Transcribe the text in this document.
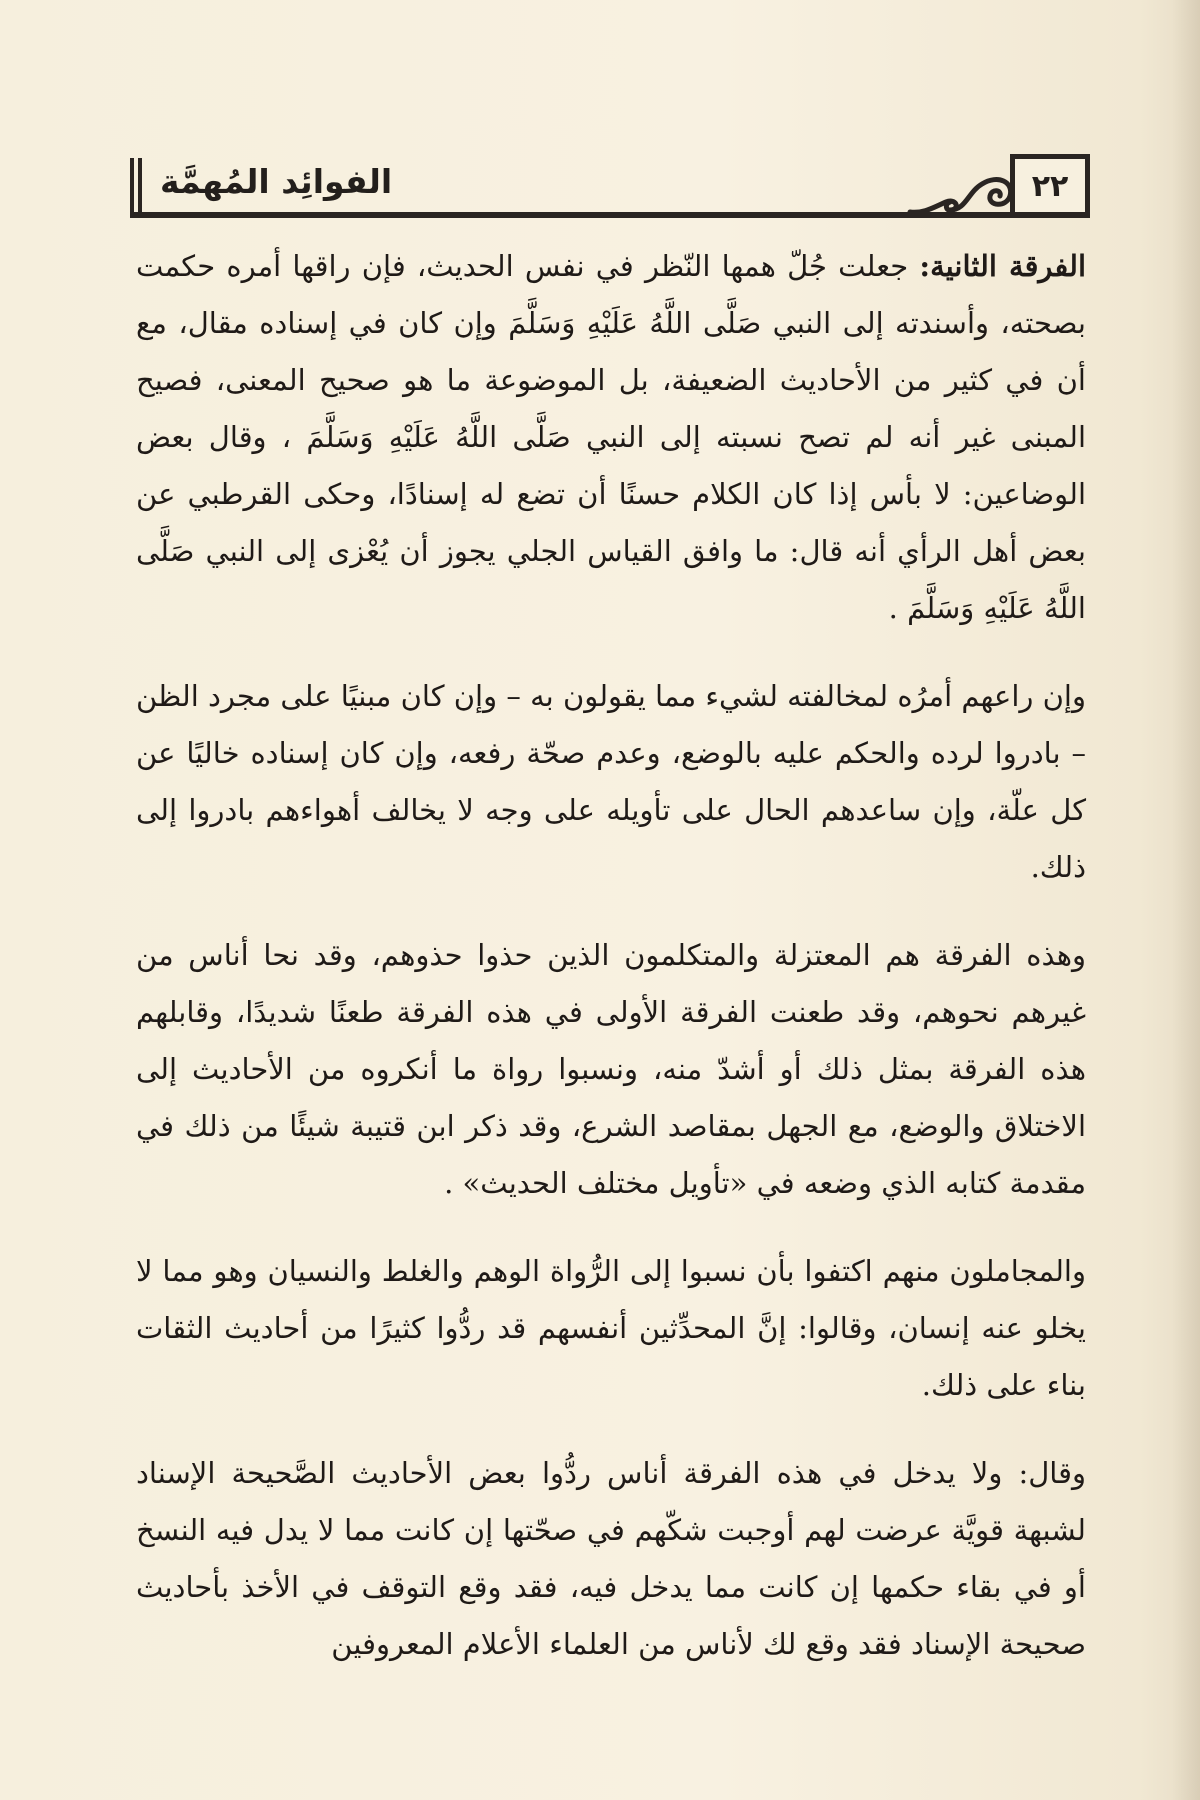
الفوائِد المُهمَّة	٢٢

الفرقة الثانية: جعلت جُلّ همها النّظر في نفس الحديث، فإن راقها أمره حكمت بصحته، وأسندته إلى النبي صَلَّى اللَّهُ عَلَيْهِ وَسَلَّمَ وإن كان في إسناده مقال، مع أن في كثير من الأحاديث الضعيفة، بل الموضوعة ما هو صحيح المعنى، فصيح المبنى غير أنه لم تصح نسبته إلى النبي صَلَّى اللَّهُ عَلَيْهِ وَسَلَّمَ ، وقال بعض الوضاعين: لا بأس إذا كان الكلام حسنًا أن تضع له إسنادًا، وحكى القرطبي عن بعض أهل الرأي أنه قال: ما وافق القياس الجلي يجوز أن يُعْزى إلى النبي صَلَّى اللَّهُ عَلَيْهِ وَسَلَّمَ .

وإن راعهم أمرُه لمخالفته لشيء مما يقولون به – وإن كان مبنيًا على مجرد الظن – بادروا لرده والحكم عليه بالوضع، وعدم صحّة رفعه، وإن كان إسناده خاليًا عن كل علّة، وإن ساعدهم الحال على تأويله على وجه لا يخالف أهواءهم بادروا إلى ذلك.

وهذه الفرقة هم المعتزلة والمتكلمون الذين حذوا حذوهم، وقد نحا أناس من غيرهم نحوهم، وقد طعنت الفرقة الأولى في هذه الفرقة طعنًا شديدًا، وقابلهم هذه الفرقة بمثل ذلك أو أشدّ منه، ونسبوا رواة ما أنكروه من الأحاديث إلى الاختلاق والوضع، مع الجهل بمقاصد الشرع، وقد ذكر ابن قتيبة شيئًا من ذلك في مقدمة كتابه الذي وضعه في «تأويل مختلف الحديث» .

والمجاملون منهم اكتفوا بأن نسبوا إلى الرُّواة الوهم والغلط والنسيان وهو مما لا يخلو عنه إنسان، وقالوا: إنَّ المحدِّثين أنفسهم قد ردُّوا كثيرًا من أحاديث الثقات بناء على ذلك.

وقال: ولا يدخل في هذه الفرقة أناس ردُّوا بعض الأحاديث الصَّحيحة الإسناد لشبهة قويَّة عرضت لهم أوجبت شكّهم في صحّتها إن كانت مما لا يدل فيه النسخ أو في بقاء حكمها إن كانت مما يدخل فيه، فقد وقع التوقف في الأخذ بأحاديث صحيحة الإسناد فقد وقع لك لأناس من العلماء الأعلام المعروفين
